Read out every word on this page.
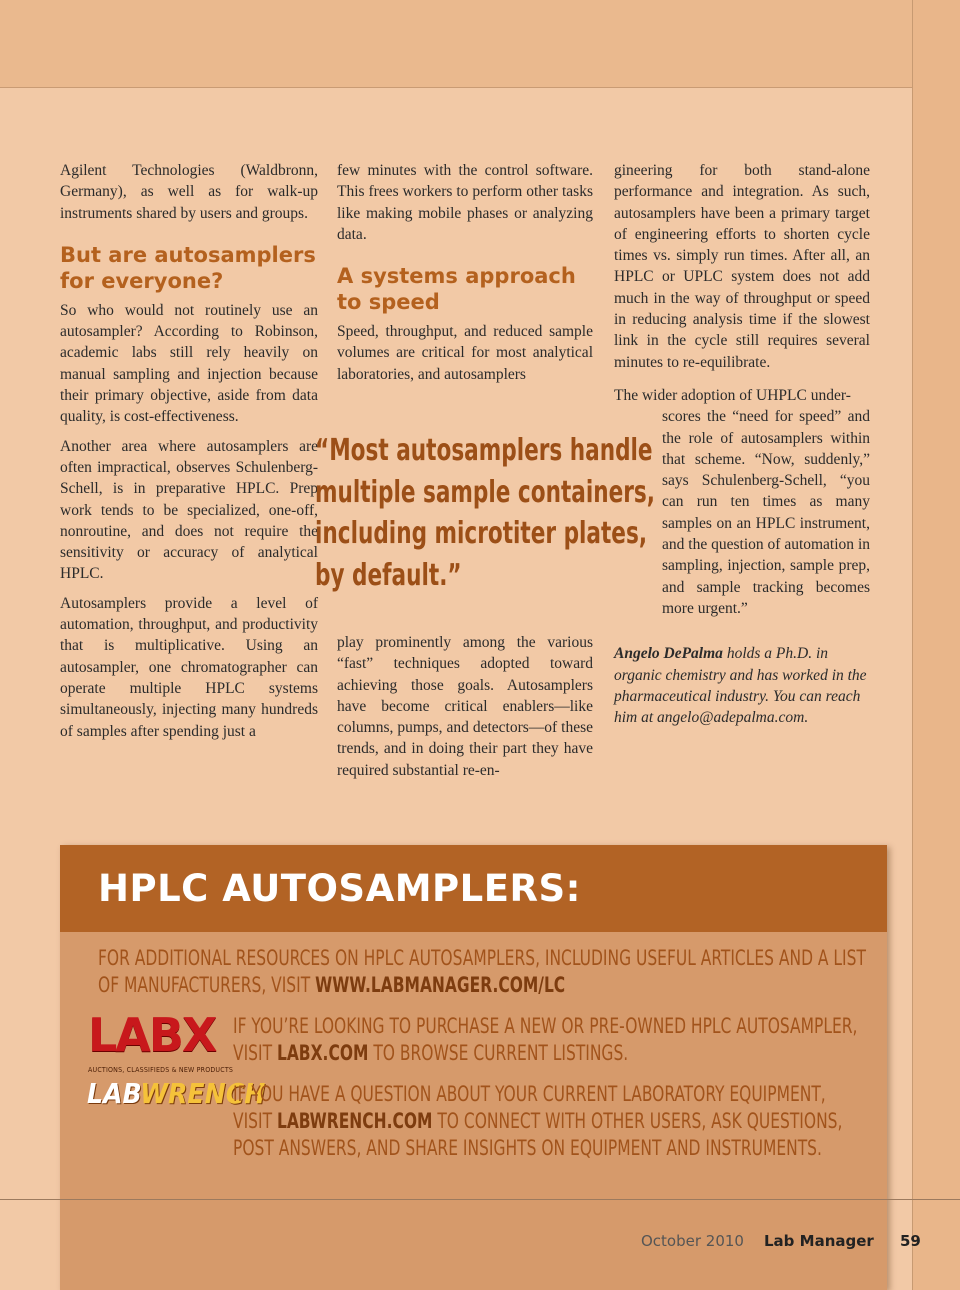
Agilent Technologies (Waldbronn, Germany), as well as for walk-up instruments shared by users and groups.

But are autosamplers for everyone?

So who would not routinely use an autosampler? According to Robinson, academic labs still rely heavily on manual sampling and injection because their primary objective, aside from data quality, is cost-effectiveness.

Another area where autosamplers are often impractical, observes Schulenberg-Schell, is in preparative HPLC. Prep work tends to be specialized, one-off, nonroutine, and does not require the sensitivity or accuracy of analytical HPLC.

Autosamplers provide a level of automation, throughput, and productivity that is multiplicative. Using an autosampler, one chromatographer can operate multiple HPLC systems simultaneously, injecting many hundreds of samples after spending just a

few minutes with the control software. This frees workers to perform other tasks like making mobile phases or analyzing data.

A systems approach to speed

Speed, throughput, and reduced sample volumes are critical for most analytical laboratories, and autosamplers

play prominently among the various “fast” techniques adopted toward achieving those goals. Autosamplers have become critical enablers—like columns, pumps, and detectors—of these trends, and in doing their part they have required substantial re-en-

“Most autosamplers handle
multiple sample containers,
including microtiter plates,
by default.”

gineering for both stand-alone performance and integration. As such, autosamplers have been a primary target of engineering efforts to shorten cycle times vs. simply run times. After all, an HPLC or UPLC system does not add much in the way of throughput or speed in reducing analysis time if the slowest link in the cycle still requires several minutes to re-equilibrate.

The wider adoption of UHPLC under-

scores the “need for speed” and the role of autosamplers within that scheme. “Now, suddenly,” says Schulenberg-Schell, “you can run ten times as many samples on an HPLC instrument, and the question of automation in sampling, injection, sample prep, and sample tracking becomes more urgent.”

Angelo DePalma holds a Ph.D. in organic chemistry and has worked in the pharmaceutical industry. You can reach him at angelo@adepalma.com.

HPLC AUTOSAMPLERS:
FOR ADDITIONAL RESOURCES ON HPLC AUTOSAMPLERS, INCLUDING USEFUL ARTICLES AND A LIST
OF MANUFACTURERS, VISIT WWW.LABMANAGER.COM/LC
LABX
AUCTIONS, CLASSIFIEDS & NEW PRODUCTS
IF YOU’RE LOOKING TO PURCHASE A NEW OR PRE-OWNED HPLC AUTOSAMPLER,
VISIT LABX.COM TO BROWSE CURRENT LISTINGS.
LABWRENCH
IF YOU HAVE A QUESTION ABOUT YOUR CURRENT LABORATORY EQUIPMENT,
VISIT LABWRENCH.COM TO CONNECT WITH OTHER USERS, ASK QUESTIONS,
POST ANSWERS, AND SHARE INSIGHTS ON EQUIPMENT AND INSTRUMENTS.
October 2010 Lab Manager 59
